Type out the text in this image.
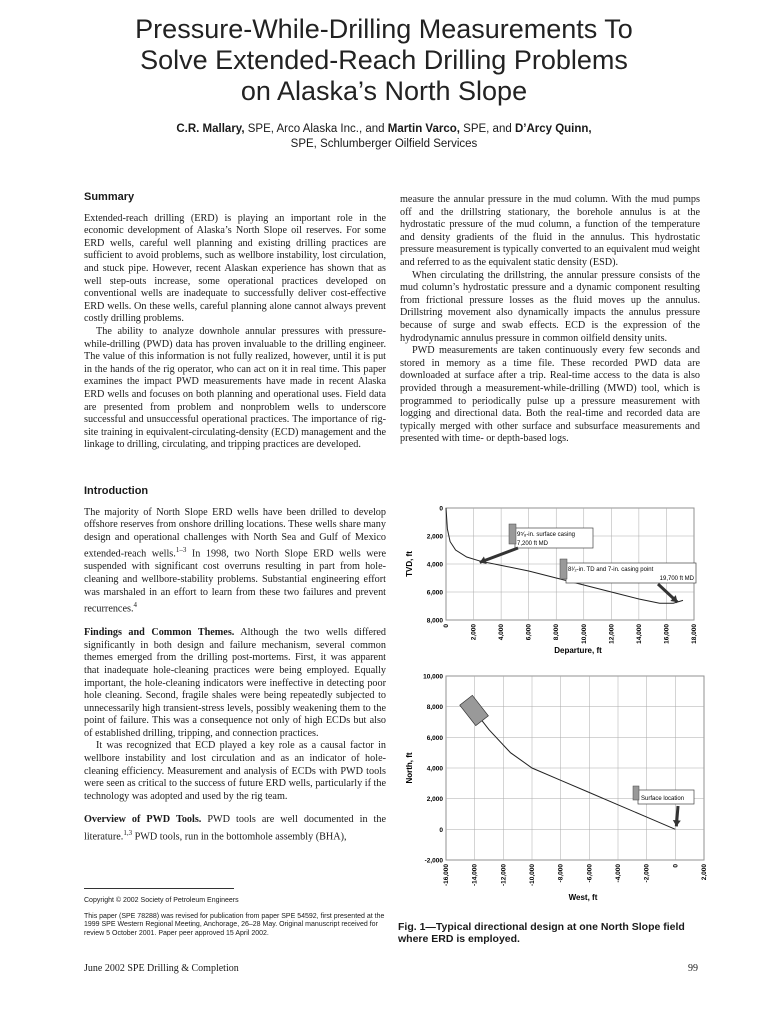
Pressure-While-Drilling Measurements To
Solve Extended-Reach Drilling Problems
on Alaska’s North Slope
C.R. Mallary, SPE, Arco Alaska Inc., and Martin Varco, SPE, and D’Arcy Quinn,
SPE, Schlumberger Oilfield Services
Summary

Extended-reach drilling (ERD) is playing an important role in the economic development of Alaska’s North Slope oil reserves. For some ERD wells, careful well planning and existing drilling practices are sufficient to avoid problems, such as wellbore instability, lost circulation, and stuck pipe. However, recent Alaskan experience has shown that as well step-outs increase, some operational practices developed on conventional wells are inadequate to successfully deliver cost-effective ERD wells. On these wells, careful planning alone cannot always prevent costly drilling problems.

The ability to analyze downhole annular pressures with pressure-while-drilling (PWD) data has proven invaluable to the drilling engineer. The value of this information is not fully realized, however, until it is put in the hands of the rig operator, who can act on it in real time. This paper examines the impact PWD measurements have made in recent Alaska ERD wells and focuses on both planning and operational uses. Field data are presented from problem and nonproblem wells to underscore successful and unsuccessful operational practices. The importance of rig-site training in equivalent-circulating-density (ECD) management and the linkage to drilling, circulating, and tripping practices are developed.

Introduction

The majority of North Slope ERD wells have been drilled to develop offshore reserves from onshore drilling locations. These wells share many design and operational challenges with North Sea and Gulf of Mexico extended-reach wells.$^{1-3}$ In 1998, two North Slope ERD wells were suspended with significant cost overruns resulting in part from hole-cleaning and wellbore-stability problems. Substantial engineering effort was marshaled in an effort to learn from these two failures and prevent recurrences.$^4$

Findings and Common Themes. Although the two wells differed significantly in both design and failure mechanism, several common themes emerged from the drilling post-mortems. First, it was apparent that inadequate hole-cleaning practices were being employed. Equally important, the hole-cleaning indicators were ineffective in detecting poor hole cleaning. Second, fragile shales were being repeatedly subjected to unnecessarily high transient-stress levels, possibly weakening them to the point of failure. This was a consequence not only of high ECDs but also of established drilling, tripping, and connection practices.

It was recognized that ECD played a key role as a causal factor in wellbore instability and lost circulation and as an indicator of hole-cleaning efficiency. Measurement and analysis of ECDs with PWD tools were seen as critical to the success of future ERD wells, particularly if the technology was adopted and used by the rig team.

Overview of PWD Tools. PWD tools are well documented in the literature.$^{1,3}$ PWD tools, run in the bottomhole assembly (BHA),

measure the annular pressure in the mud column. With the mud pumps off and the drillstring stationary, the borehole annulus is at the hydrostatic pressure of the mud column, a function of the temperature and density gradients of the fluid in the annulus. This hydrostatic pressure measurement is typically converted to an equivalent mud weight and referred to as the equivalent static density (ESD).

When circulating the drillstring, the annular pressure consists of the mud column’s hydrostatic pressure and a dynamic component resulting from frictional pressure losses as the fluid moves up the annulus. Drillstring movement also dynamically impacts the annulus pressure because of surge and swab effects. ECD is the expression of the hydrodynamic annulus pressure in common oilfield density units.

PWD measurements are taken continuously every few seconds and stored in memory as a time file. These recorded PWD data are downloaded at surface after a trip. Real-time access to the data is also provided through a measurement-while-drilling (MWD) tool, which is programmed to periodically pulse up a pressure measurement with logging and directional data. Both the real-time and recorded data are typically merged with other surface and subsurface measurements and presented with time- or depth-based logs.

0	2,000	4,000	6,000	8,000	10,000	12,000	14,000	16,000	18,000
0
2,000
4,000
6,000
8,000
Departure, ft
TVD, ft
9⁵⁄₈-in. surface casing
7,200 ft MD
8¹⁄₂-in. TD and 7-in. casing point
19,700 ft MD
-16,000	-14,000	-12,000	-10,000	-8,000	-6,000	-4,000	-2,000	0	2,000
10,000
8,000
6,000
4,000
2,000
0
-2,000
West, ft
North, ft
Surface location
Copyright © 2002 Society of Petroleum Engineers
This paper (SPE 78288) was revised for publication from paper SPE 54592, first presented at the 1999 SPE Western Regional Meeting, Anchorage, 26–28 May. Original manuscript received for review 5 October 2001. Paper peer approved 15 April 2002.
Fig. 1—Typical directional design at one North Slope field where ERD is employed.
June 2002 SPE Drilling & Completion	99
